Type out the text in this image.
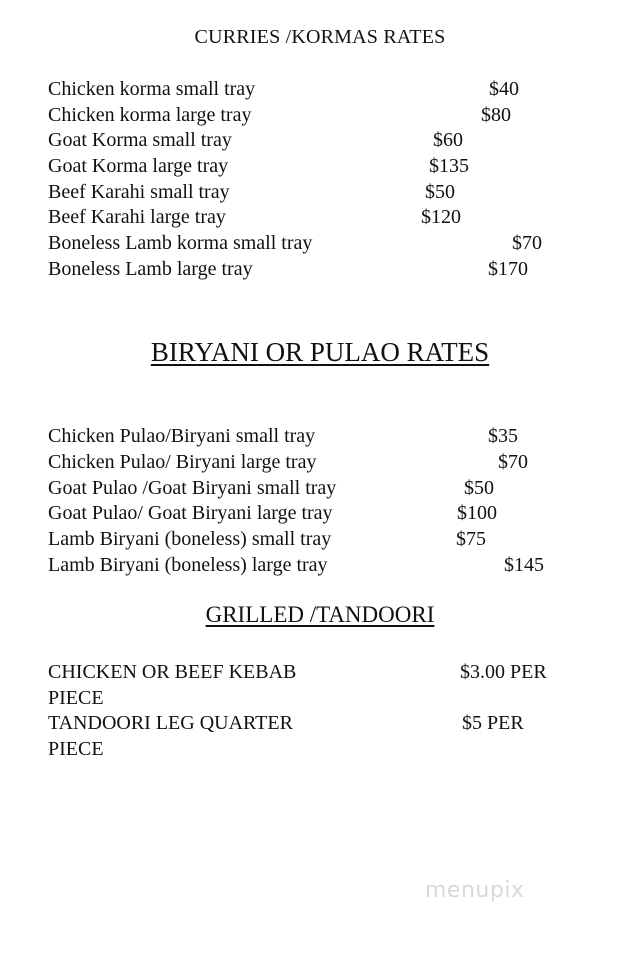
CURRIES /KORMAS RATES
Chicken korma small tray	$40
Chicken korma large tray	$80
Goat Korma small tray	$60
Goat Korma large tray	$135
Beef Karahi small tray	$50
Beef Karahi large tray	$120
Boneless Lamb korma small tray	$70
Boneless Lamb large tray	$170
BIRYANI OR PULAO RATES
Chicken Pulao/Biryani small tray	$35
Chicken Pulao/ Biryani large tray	$70
Goat Pulao /Goat Biryani small tray	$50
Goat Pulao/ Goat Biryani large tray	$100
Lamb Biryani (boneless) small tray	$75
Lamb Biryani (boneless) large tray	$145
GRILLED /TANDOORI
CHICKEN OR BEEF KEBAB	$3.00 PER
PIECE
TANDOORI LEG QUARTER	$5 PER
PIECE
menupix
